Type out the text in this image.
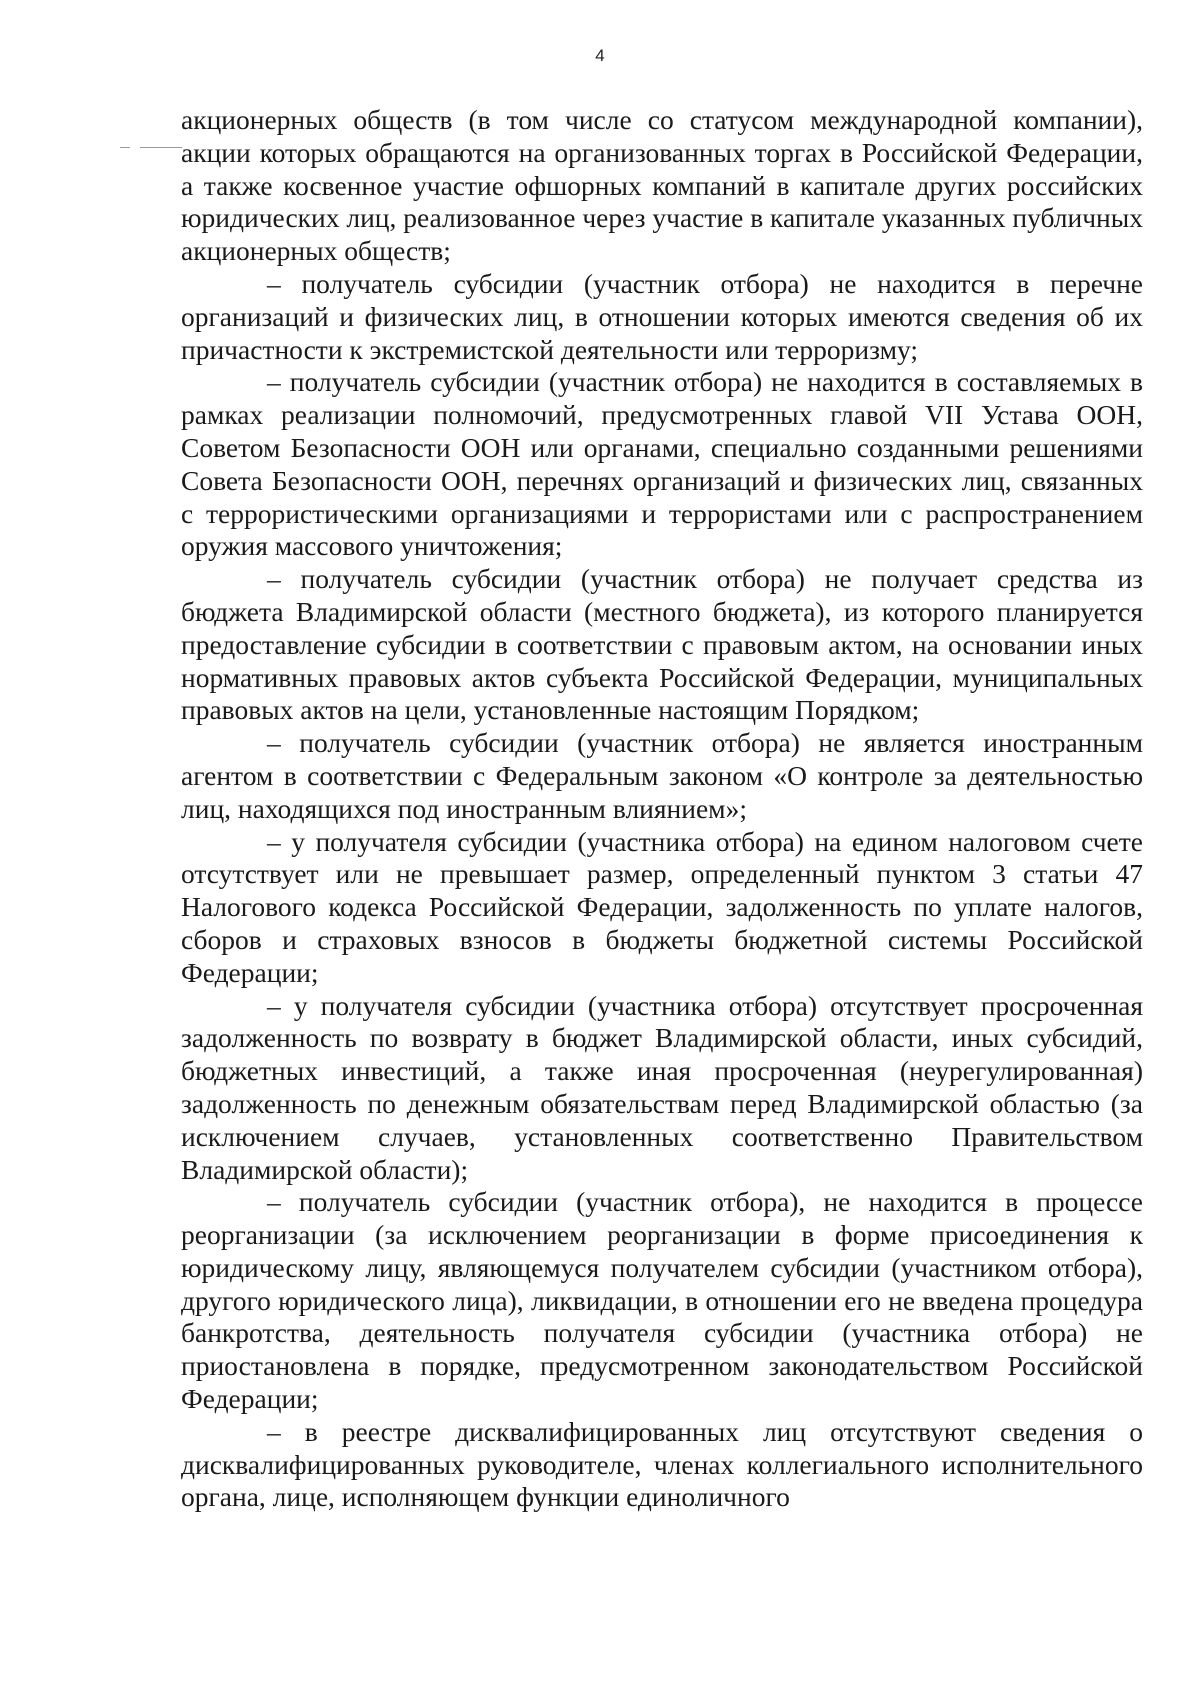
4

акционерных обществ (в том числе со статусом международной компании), акции которых обращаются на организованных торгах в Российской Федерации, а также косвенное участие офшорных компаний в капитале других российских юридических лиц, реализованное через участие в капитале указанных публичных акционерных обществ;

– получатель субсидии (участник отбора) не находится в перечне организаций и физических лиц, в отношении которых имеются сведения об их причастности к экстремистской деятельности или терроризму;

– получатель субсидии (участник отбора) не находится в составляемых в рамках реализации полномочий, предусмотренных главой VII Устава ООН, Советом Безопасности ООН или органами, специально созданными решениями Совета Безопасности ООН, перечнях организаций и физических лиц, связанных с террористическими организациями и террористами или с распространением оружия массового уничтожения;

– получатель субсидии (участник отбора) не получает средства из бюджета Владимирской области (местного бюджета), из которого планируется предоставление субсидии в соответствии с правовым актом, на основании иных нормативных правовых актов субъекта Российской Федерации, муниципальных правовых актов на цели, установленные настоящим Порядком;

– получатель субсидии (участник отбора) не является иностранным агентом в соответствии с Федеральным законом «О контроле за деятельностью лиц, находящихся под иностранным влиянием»;

– у получателя субсидии (участника отбора) на едином налоговом счете отсутствует или не превышает размер, определенный пунктом 3 статьи 47 Налогового кодекса Российской Федерации, задолженность по уплате налогов, сборов и страховых взносов в бюджеты бюджетной системы Российской Федерации;

– у получателя субсидии (участника отбора) отсутствует просроченная задолженность по возврату в бюджет Владимирской области, иных субсидий, бюджетных инвестиций, а также иная просроченная (неурегулированная) задолженность по денежным обязательствам перед Владимирской областью (за исключением случаев, установленных соответственно Правительством Владимирской области);

– получатель субсидии (участник отбора), не находится в процессе реорганизации (за исключением реорганизации в форме присоединения к юридическому лицу, являющемуся получателем субсидии (участником отбора), другого юридического лица), ликвидации, в отношении его не введена процедура банкротства, деятельность получателя субсидии (участника отбора) не приостановлена в порядке, предусмотренном законодательством Российской Федерации;

– в реестре дисквалифицированных лиц отсутствуют сведения о дисквалифицированных руководителе, членах коллегиального исполнительного органа, лице, исполняющем функции единоличного
